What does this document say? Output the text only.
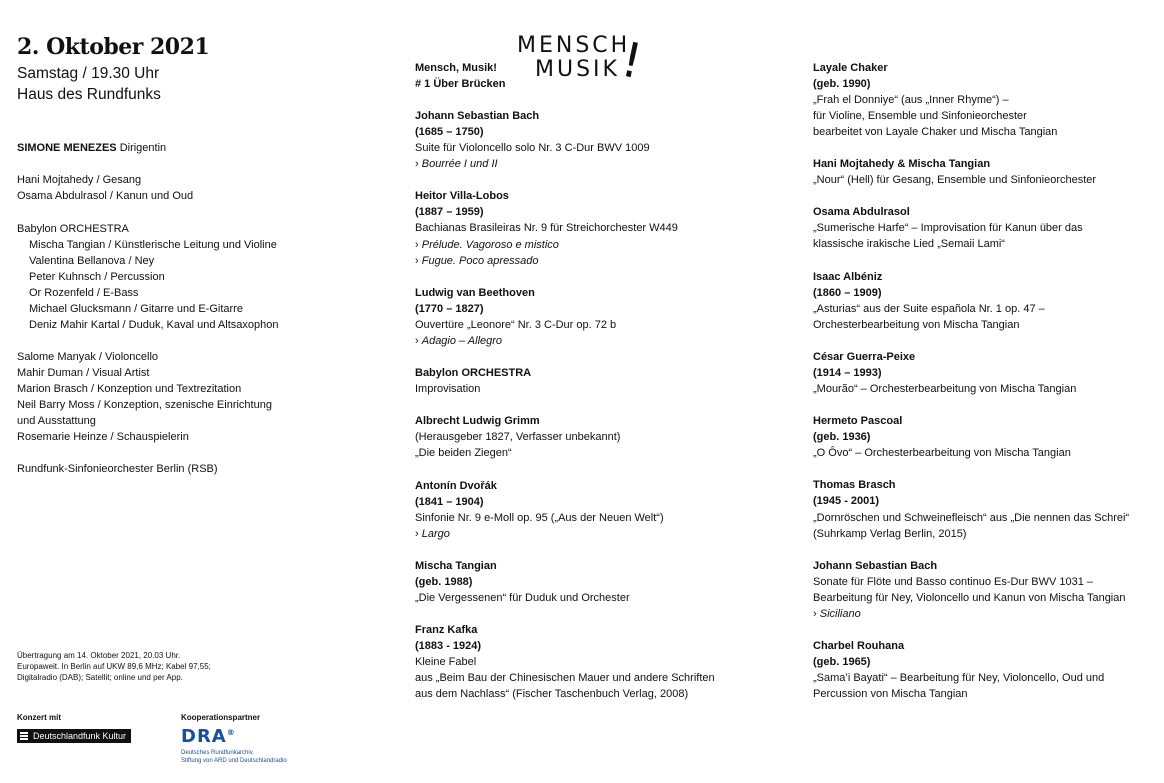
2. Oktober 2021
Samstag / 19.30 Uhr
Haus des Rundfunks
SIMONE MENEZES Dirigentin
Hani Mojtahedy / Gesang
Osama Abdulrasol / Kanun und Oud
Babylon ORCHESTRA
Mischa Tangian / Künstlerische Leitung und Violine
Valentina Bellanova / Ney
Peter Kuhnsch / Percussion
Or Rozenfeld / E-Bass
Michael Glucksmann / Gitarre und E-Gitarre
Deniz Mahir Kartal / Duduk, Kaval und Altsaxophon
Salome Manyak / Violoncello
Mahir Duman / Visual Artist
Marion Brasch / Konzeption und Textrezitation
Neil Barry Moss / Konzeption, szenische Einrichtung
und Ausstattung
Rosemarie Heinze / Schauspielerin
Rundfunk-Sinfonieorchester Berlin (RSB)
Übertragung am 14. Oktober 2021, 20.03 Uhr.
Europaweit. In Berlin auf UKW 89,6 MHz; Kabel 97,55;
Digitalradio (DAB); Satellit; online und per App.
Konzert mit	Kooperationspartner
Deutschlandfunk Kultur	DRA®
Deutsches Rundfunkarchiv.
Stiftung von ARD und Deutschlandradio
MENSCH
MUSIK
!
Mensch, Musik!
# 1 Über Brücken
Johann Sebastian Bach
(1685 – 1750)
Suite für Violoncello solo Nr. 3 C-Dur BWV 1009
› Bourrée I und II
Heitor Villa-Lobos
(1887 – 1959)
Bachianas Brasileiras Nr. 9 für Streichorchester W449
› Prélude. Vagoroso e mistico
› Fugue. Poco apressado
Ludwig van Beethoven
(1770 – 1827)
Ouvertüre „Leonore“ Nr. 3 C-Dur op. 72 b
› Adagio – Allegro
Babylon ORCHESTRA
Improvisation
Albrecht Ludwig Grimm
(Herausgeber 1827, Verfasser unbekannt)
„Die beiden Ziegen“
Antonín Dvořák
(1841 – 1904)
Sinfonie Nr. 9 e-Moll op. 95 („Aus der Neuen Welt“)
› Largo
Mischa Tangian
(geb. 1988)
„Die Vergessenen“ für Duduk und Orchester
Franz Kafka
(1883 - 1924)
Kleine Fabel
aus „Beim Bau der Chinesischen Mauer und andere Schriften
aus dem Nachlass“ (Fischer Taschenbuch Verlag, 2008)
Layale Chaker
(geb. 1990)
„Frah el Donniye“ (aus „Inner Rhyme“) –
für Violine, Ensemble und Sinfonieorchester
bearbeitet von Layale Chaker und Mischa Tangian
Hani Mojtahedy & Mischa Tangian
„Nour“ (Hell) für Gesang, Ensemble und Sinfonieorchester
Osama Abdulrasol
„Sumerische Harfe“ – Improvisation für Kanun über das
klassische irakische Lied „Semaii Lami“
Isaac Albéniz
(1860 – 1909)
„Asturias“ aus der Suite española Nr. 1 op. 47 –
Orchesterbearbeitung von Mischa Tangian
César Guerra-Peixe
(1914 – 1993)
„Mourão“ – Orchesterbearbeitung von Mischa Tangian
Hermeto Pascoal
(geb. 1936)
„O Ôvo“ – Orchesterbearbeitung von Mischa Tangian
Thomas Brasch
(1945 - 2001)
„Dornröschen und Schweinefleisch“ aus „Die nennen das Schrei“
(Suhrkamp Verlag Berlin, 2015)
Johann Sebastian Bach
Sonate für Flöte und Basso continuo Es-Dur BWV 1031 –
Bearbeitung für Ney, Violoncello und Kanun von Mischa Tangian
› Siciliano
Charbel Rouhana
(geb. 1965)
„Sama’i Bayati“ – Bearbeitung für Ney, Violoncello, Oud und
Percussion von Mischa Tangian
